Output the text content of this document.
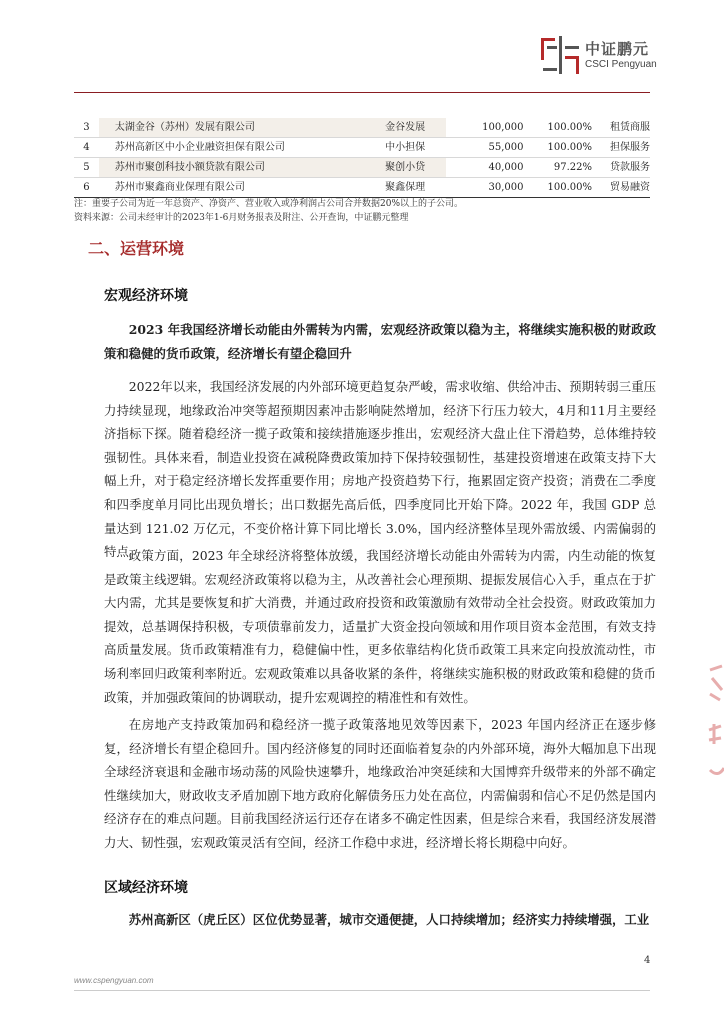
中证鹏元
CSCI Pengyuan
3	太湖金谷（苏州）发展有限公司	金谷发展	100,000	100.00%	租赁商服
4	苏州高新区中小企业融资担保有限公司	中小担保	55,000	100.00%	担保服务
5	苏州市聚创科技小额贷款有限公司	聚创小贷	40,000	97.22%	贷款服务
6	苏州市聚鑫商业保理有限公司	聚鑫保理	30,000	100.00%	贸易融资
注：重要子公司为近一年总资产、净资产、营业收入或净利润占公司合并数据20%以上的子公司。
资料来源：公司未经审计的2023年1-6月财务报表及附注、公开查询，中证鹏元整理
二、运营环境
宏观经济环境

2023 年我国经济增长动能由外需转为内需，宏观经济政策以稳为主，将继续实施积极的财政政策和稳健的货币政策，经济增长有望企稳回升

2022年以来，我国经济发展的内外部环境更趋复杂严峻，需求收缩、供给冲击、预期转弱三重压力持续显现，地缘政治冲突等超预期因素冲击影响陡然增加，经济下行压力较大，4月和11月主要经济指标下探。随着稳经济一揽子政策和接续措施逐步推出，宏观经济大盘止住下滑趋势，总体维持较强韧性。具体来看，制造业投资在减税降费政策加持下保持较强韧性，基建投资增速在政策支持下大幅上升，对于稳定经济增长发挥重要作用；房地产投资趋势下行，拖累固定资产投资；消费在二季度和四季度单月同比出现负增长；出口数据先高后低，四季度同比开始下降。2022 年，我国 GDP 总量达到 121.02 万亿元，不变价格计算下同比增长 3.0%，国内经济整体呈现外需放缓、内需偏弱的特点。

政策方面，2023 年全球经济将整体放缓，我国经济增长动能由外需转为内需，内生动能的恢复是政策主线逻辑。宏观经济政策将以稳为主，从改善社会心理预期、提振发展信心入手，重点在于扩大内需，尤其是要恢复和扩大消费，并通过政府投资和政策激励有效带动全社会投资。财政政策加力提效，总基调保持积极，专项债靠前发力，适量扩大资金投向领域和用作项目资本金范围，有效支持高质量发展。货币政策精准有力，稳健偏中性，更多依靠结构化货币政策工具来定向投放流动性，市场利率回归政策利率附近。宏观政策难以具备收紧的条件，将继续实施积极的财政政策和稳健的货币政策，并加强政策间的协调联动，提升宏观调控的精准性和有效性。

在房地产支持政策加码和稳经济一揽子政策落地见效等因素下，2023 年国内经济正在逐步修复，经济增长有望企稳回升。国内经济修复的同时还面临着复杂的内外部环境，海外大幅加息下出现全球经济衰退和金融市场动荡的风险快速攀升，地缘政治冲突延续和大国博弈升级带来的外部不确定性继续加大，财政收支矛盾加剧下地方政府化解债务压力处在高位，内需偏弱和信心不足仍然是国内经济存在的难点问题。目前我国经济运行还存在诸多不确定性因素，但是综合来看，我国经济发展潜力大、韧性强，宏观政策灵活有空间，经济工作稳中求进，经济增长将长期稳中向好。

区域经济环境

苏州高新区（虎丘区）区位优势显著，城市交通便捷，人口持续增加；经济实力持续增强，工业

4
www.cspengyuan.com
